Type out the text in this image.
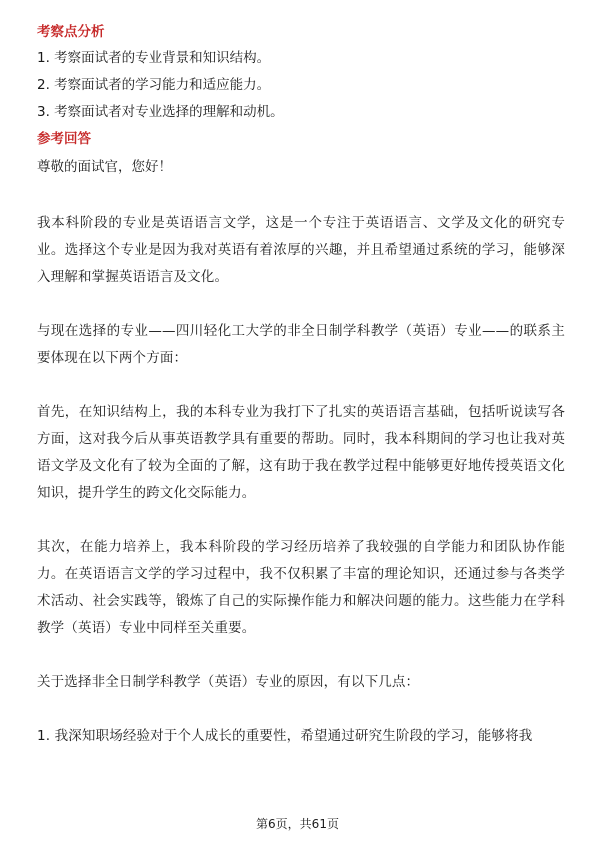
考察点分析
1. 考察面试者的专业背景和知识结构。
2. 考察面试者的学习能力和适应能力。
3. 考察面试者对专业选择的理解和动机。
参考回答
尊敬的面试官，您好！

我本科阶段的专业是英语语言文学，这是一个专注于英语语言、文学及文化的研究专业。选择这个专业是因为我对英语有着浓厚的兴趣，并且希望通过系统的学习，能够深入理解和掌握英语语言及文化。

与现在选择的专业——四川轻化工大学的非全日制学科教学（英语）专业——的联系主要体现在以下两个方面：

首先，在知识结构上，我的本科专业为我打下了扎实的英语语言基础，包括听说读写各方面，这对我今后从事英语教学具有重要的帮助。同时，我本科期间的学习也让我对英语文学及文化有了较为全面的了解，这有助于我在教学过程中能够更好地传授英语文化知识，提升学生的跨文化交际能力。

其次，在能力培养上，我本科阶段的学习经历培养了我较强的自学能力和团队协作能力。在英语语言文学的学习过程中，我不仅积累了丰富的理论知识，还通过参与各类学术活动、社会实践等，锻炼了自己的实际操作能力和解决问题的能力。这些能力在学科教学（英语）专业中同样至关重要。

关于选择非全日制学科教学（英语）专业的原因，有以下几点：

1. 我深知职场经验对于个人成长的重要性，希望通过研究生阶段的学习，能够将我

第6页，共61页
